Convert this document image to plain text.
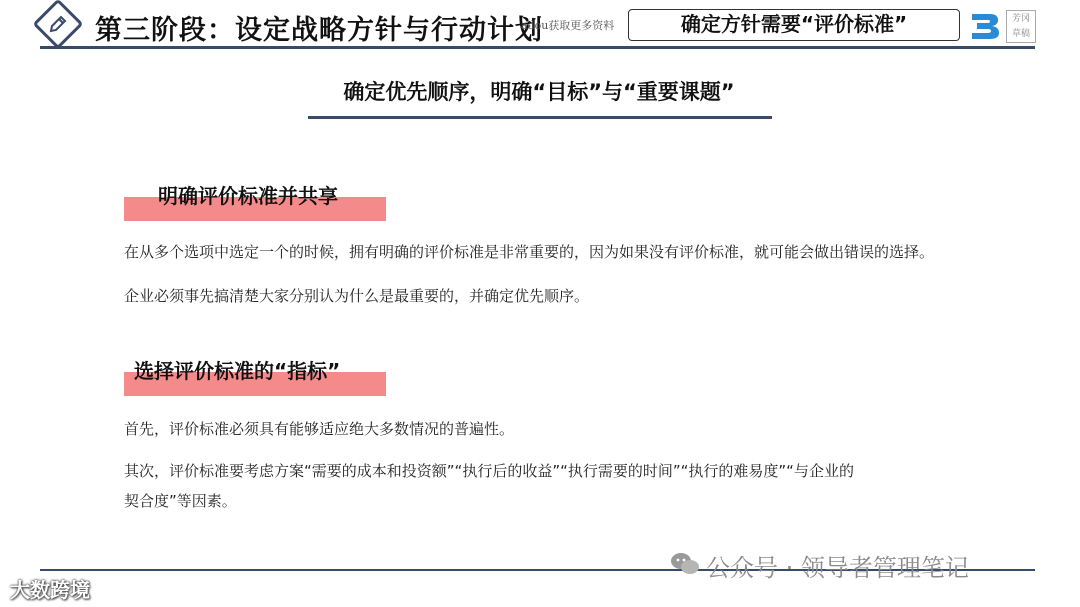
第三阶段：设定战略方针与行动计划
adou获取更多资料	确定方针需要“评价标准”	芳冈 草稿
确定优先顺序，明确“目标”与“重要课题”
明确评价标准并共享
在从多个选项中选定一个的时候，拥有明确的评价标准是非常重要的，因为如果没有评价标准，就可能会做出错误的选择。
企业必须事先搞清楚大家分别认为什么是最重要的，并确定优先顺序。
选择评价标准的“指标”
首先，评价标准必须具有能够适应绝大多数情况的普遍性。
其次，评价标准要考虑方案“需要的成本和投资额”“执行后的收益”“执行需要的时间”“执行的难易度”“与企业的
契合度”等因素。
公众号 · 领导者管理笔记
大数跨境
